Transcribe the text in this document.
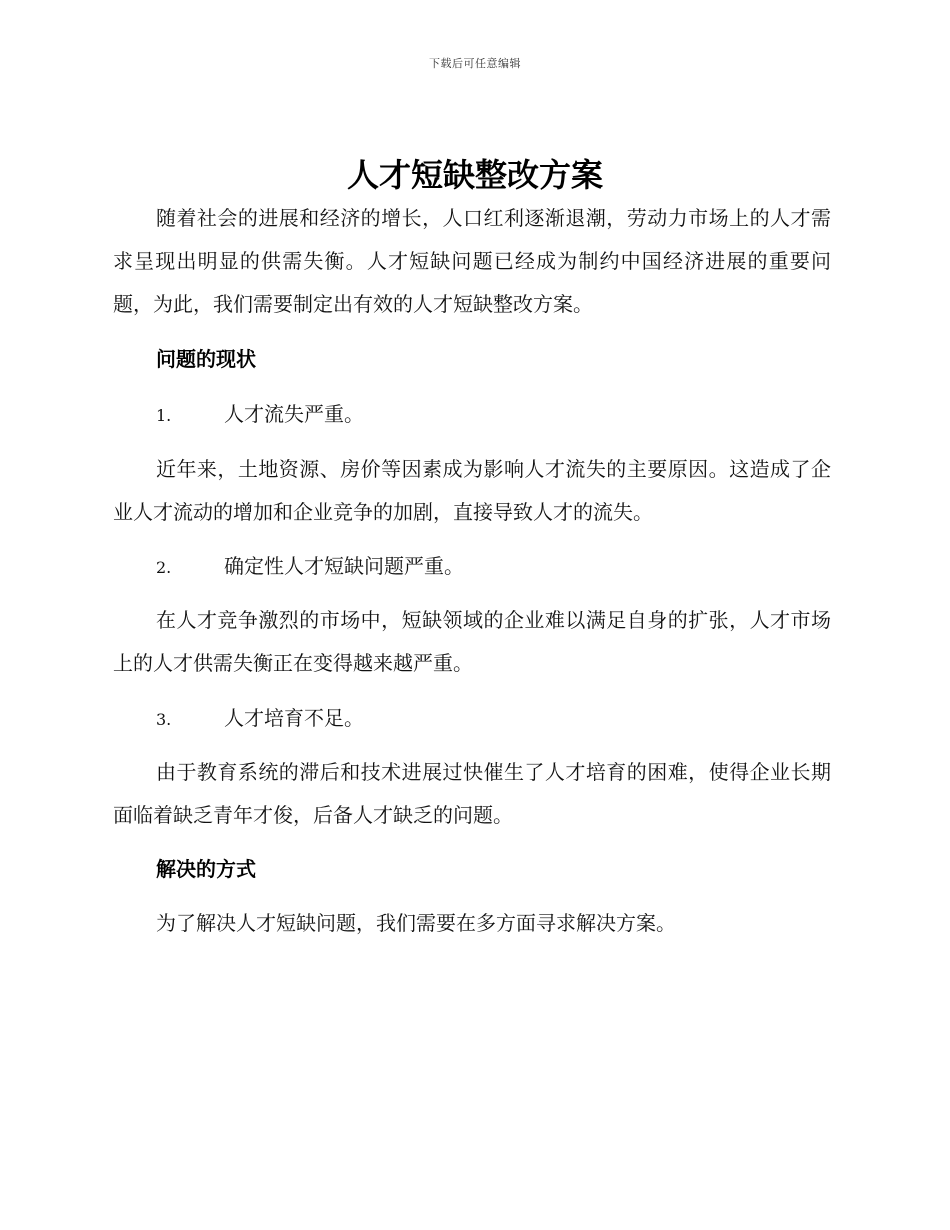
下载后可任意编辑
人才短缺整改方案

随着社会的进展和经济的增长，人口红利逐渐退潮，劳动力市场上的人才需求呈现出明显的供需失衡。人才短缺问题已经成为制约中国经济进展的重要问题，为此，我们需要制定出有效的人才短缺整改方案。

问题的现状
1.	人才流失严重。

近年来，土地资源、房价等因素成为影响人才流失的主要原因。这造成了企业人才流动的增加和企业竞争的加剧，直接导致人才的流失。

2.	确定性人才短缺问题严重。

在人才竞争激烈的市场中，短缺领域的企业难以满足自身的扩张，人才市场上的人才供需失衡正在变得越来越严重。

3.	人才培育不足。

由于教育系统的滞后和技术进展过快催生了人才培育的困难，使得企业长期面临着缺乏青年才俊，后备人才缺乏的问题。

解决的方式

为了解决人才短缺问题，我们需要在多方面寻求解决方案。
